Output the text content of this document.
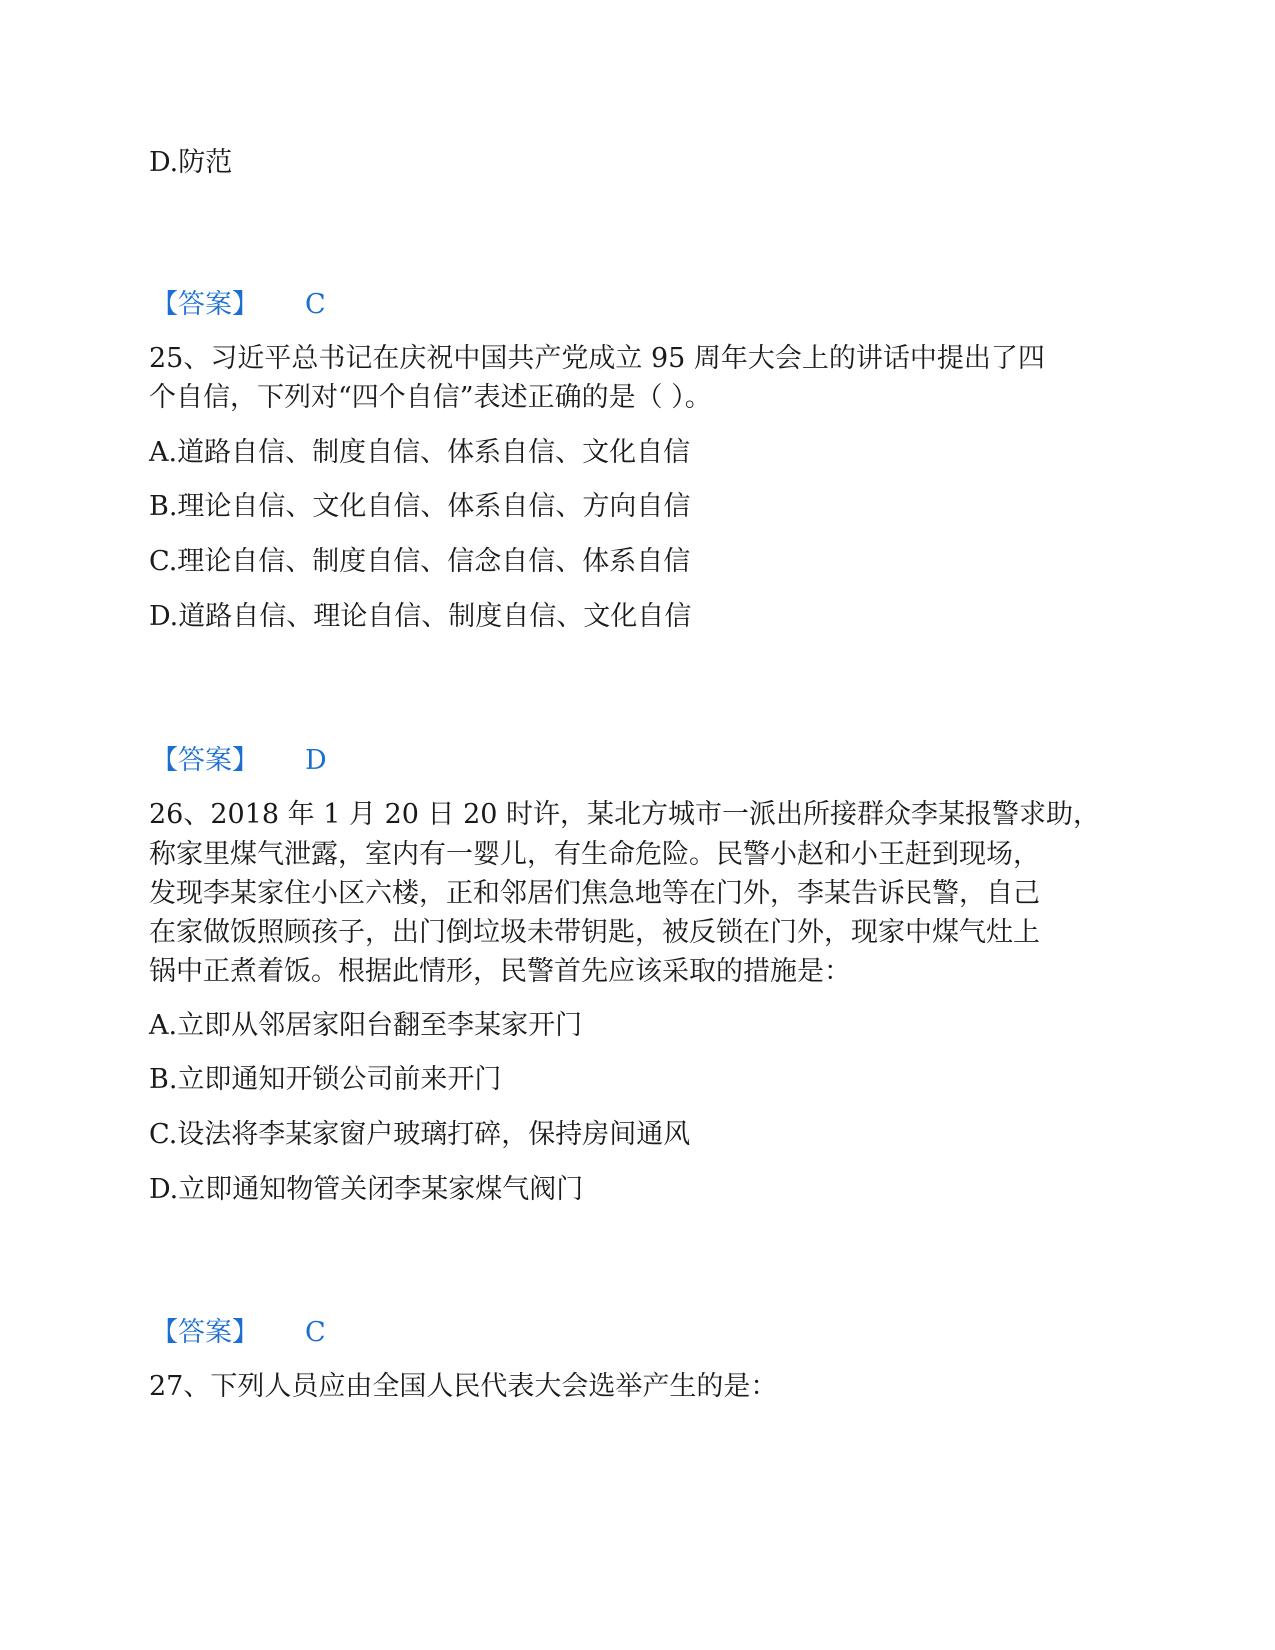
D.防范
【答案】 C
25、习近平总书记在庆祝中国共产党成立 95 周年大会上的讲话中提出了四
个自信，下列对“四个自信”表述正确的是（ ）。
A.道路自信、制度自信、体系自信、文化自信
B.理论自信、文化自信、体系自信、方向自信
C.理论自信、制度自信、信念自信、体系自信
D.道路自信、理论自信、制度自信、文化自信
【答案】 D
26、2018 年 1 月 20 日 20 时许，某北方城市一派出所接群众李某报警求助，
称家里煤气泄露，室内有一婴儿，有生命危险。民警小赵和小王赶到现场，
发现李某家住小区六楼，正和邻居们焦急地等在门外，李某告诉民警，自己
在家做饭照顾孩子，出门倒垃圾未带钥匙，被反锁在门外，现家中煤气灶上
锅中正煮着饭。根据此情形，民警首先应该采取的措施是：
A.立即从邻居家阳台翻至李某家开门
B.立即通知开锁公司前来开门
C.设法将李某家窗户玻璃打碎，保持房间通风
D.立即通知物管关闭李某家煤气阀门
【答案】 C
27、下列人员应由全国人民代表大会选举产生的是：
